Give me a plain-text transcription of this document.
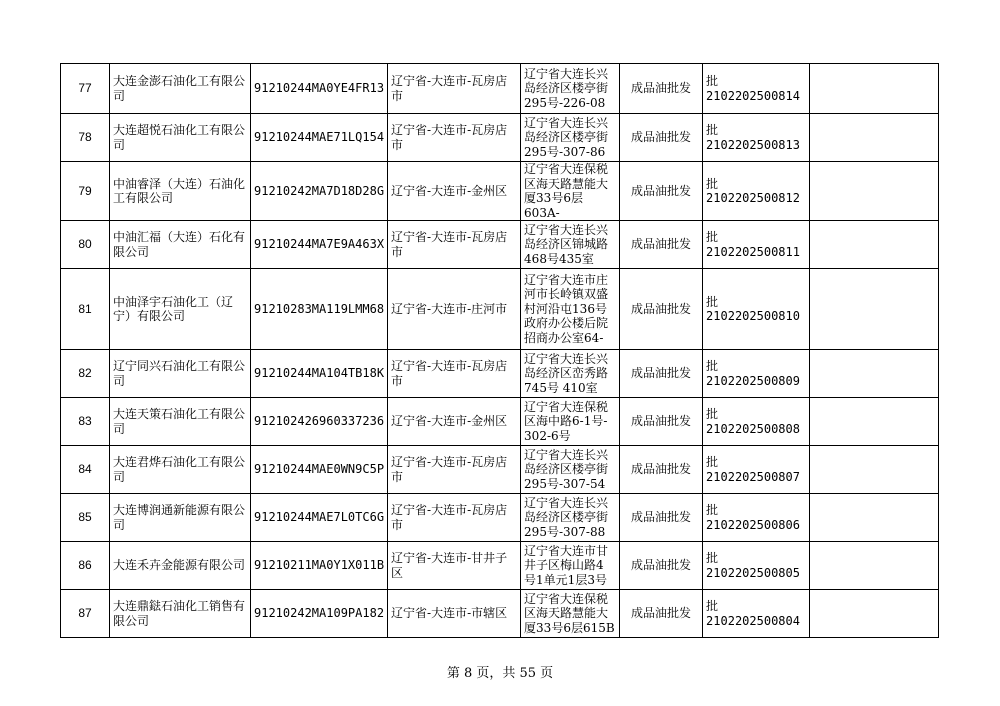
77	大连金澎石油化工有限公司	91210244MA0YE4FR13	辽宁省-大连市-瓦房店市	辽宁省大连长兴
岛经济区楼亭街
295号-226-08	成品油批发	批2102202500814	
78	大连超悦石油化工有限公司	91210244MAE71LQ154	辽宁省-大连市-瓦房店市	辽宁省大连长兴
岛经济区楼亭街
295号-307-86	成品油批发	批2102202500813	
79	中油睿泽（大连）石油化工有限公司	91210242MA7D18D28G	辽宁省-大连市-金州区	辽宁省大连保税
区海天路慧能大
厦33号6层603A-	成品油批发	批2102202500812	
80	中油汇福（大连）石化有限公司	91210244MA7E9A463X	辽宁省-大连市-瓦房店市	辽宁省大连长兴
岛经济区锦城路
468号435室	成品油批发	批2102202500811	
81	中油泽宇石油化工（辽宁）有限公司	91210283MA119LMM68	辽宁省-大连市-庄河市	辽宁省大连市庄
河市长岭镇双盛
村河沿屯136号
政府办公楼后院
招商办公室64-	成品油批发	批2102202500810	
82	辽宁同兴石油化工有限公司	91210244MA104TB18K	辽宁省-大连市-瓦房店市	辽宁省大连长兴
岛经济区峦秀路
745号 410室	成品油批发	批2102202500809	
83	大连天策石油化工有限公司	912102426960337236	辽宁省-大连市-金州区	辽宁省大连保税
区海中路6-1号-
302-6号	成品油批发	批2102202500808	
84	大连君烨石油化工有限公司	91210244MAE0WN9C5P	辽宁省-大连市-瓦房店市	辽宁省大连长兴
岛经济区楼亭街
295号-307-54	成品油批发	批2102202500807	
85	大连博润通新能源有限公司	91210244MAE7L0TC6G	辽宁省-大连市-瓦房店市	辽宁省大连长兴
岛经济区楼亭街
295号-307-88	成品油批发	批2102202500806	
86	大连禾卉金能源有限公司	91210211MA0Y1X011B	辽宁省-大连市-甘井子区	辽宁省大连市甘
井子区梅山路4
号1单元1层3号	成品油批发	批2102202500805	
87	大连鼎鍅石油化工销售有限公司	91210242MA109PA182	辽宁省-大连市-市辖区	辽宁省大连保税
区海天路慧能大
厦33号6层615B	成品油批发	批2102202500804	
第 8 页，共 55 页
